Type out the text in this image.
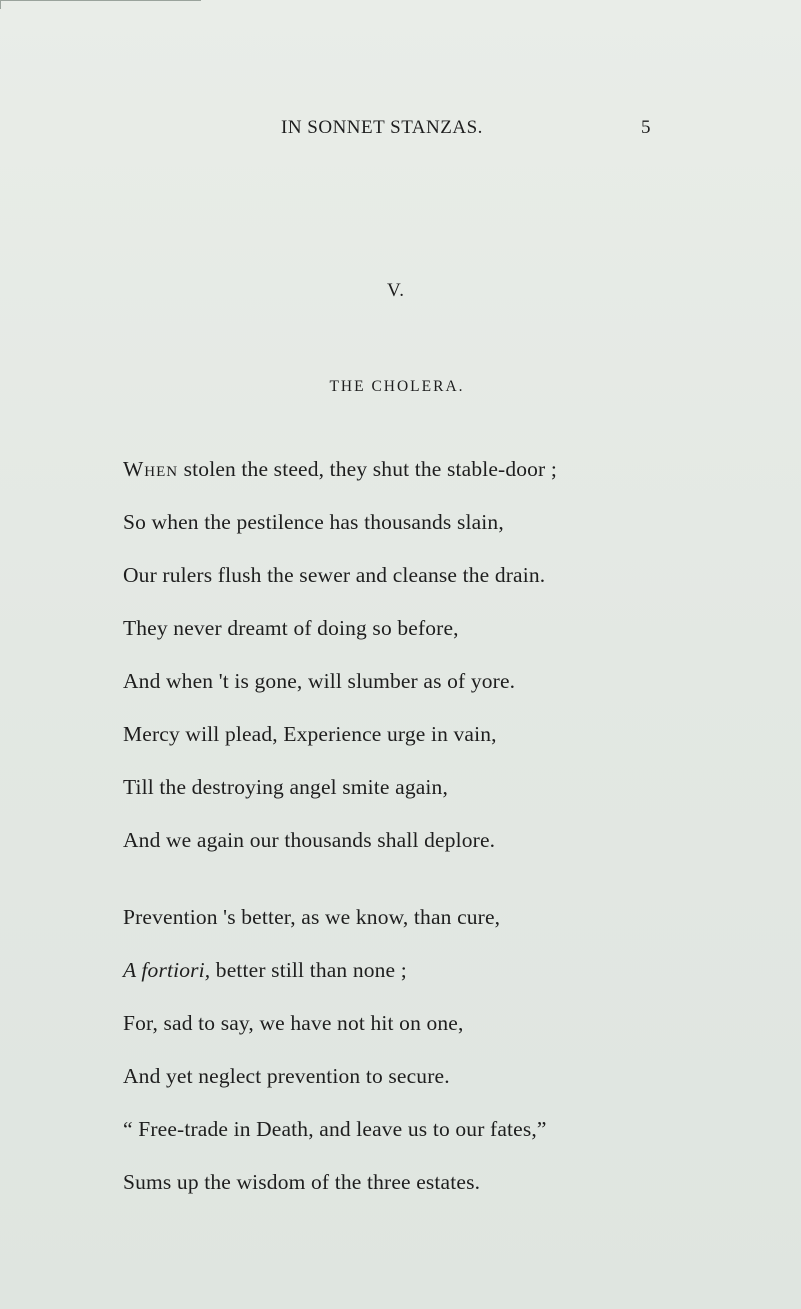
IN SONNET STANZAS.	5
V.
THE CHOLERA.
When stolen the steed, they shut the stable-door ;
So when the pestilence has thousands slain,
Our rulers flush the sewer and cleanse the drain.
They never dreamt of doing so before,
And when 't is gone, will slumber as of yore.
Mercy will plead, Experience urge in vain,
Till the destroying angel smite again,
And we again our thousands shall deplore.
Prevention 's better, as we know, than cure,
A fortiori, better still than none ;
For, sad to say, we have not hit on one,
And yet neglect prevention to secure.
“ Free-trade in Death, and leave us to our fates,”
Sums up the wisdom of the three estates.
